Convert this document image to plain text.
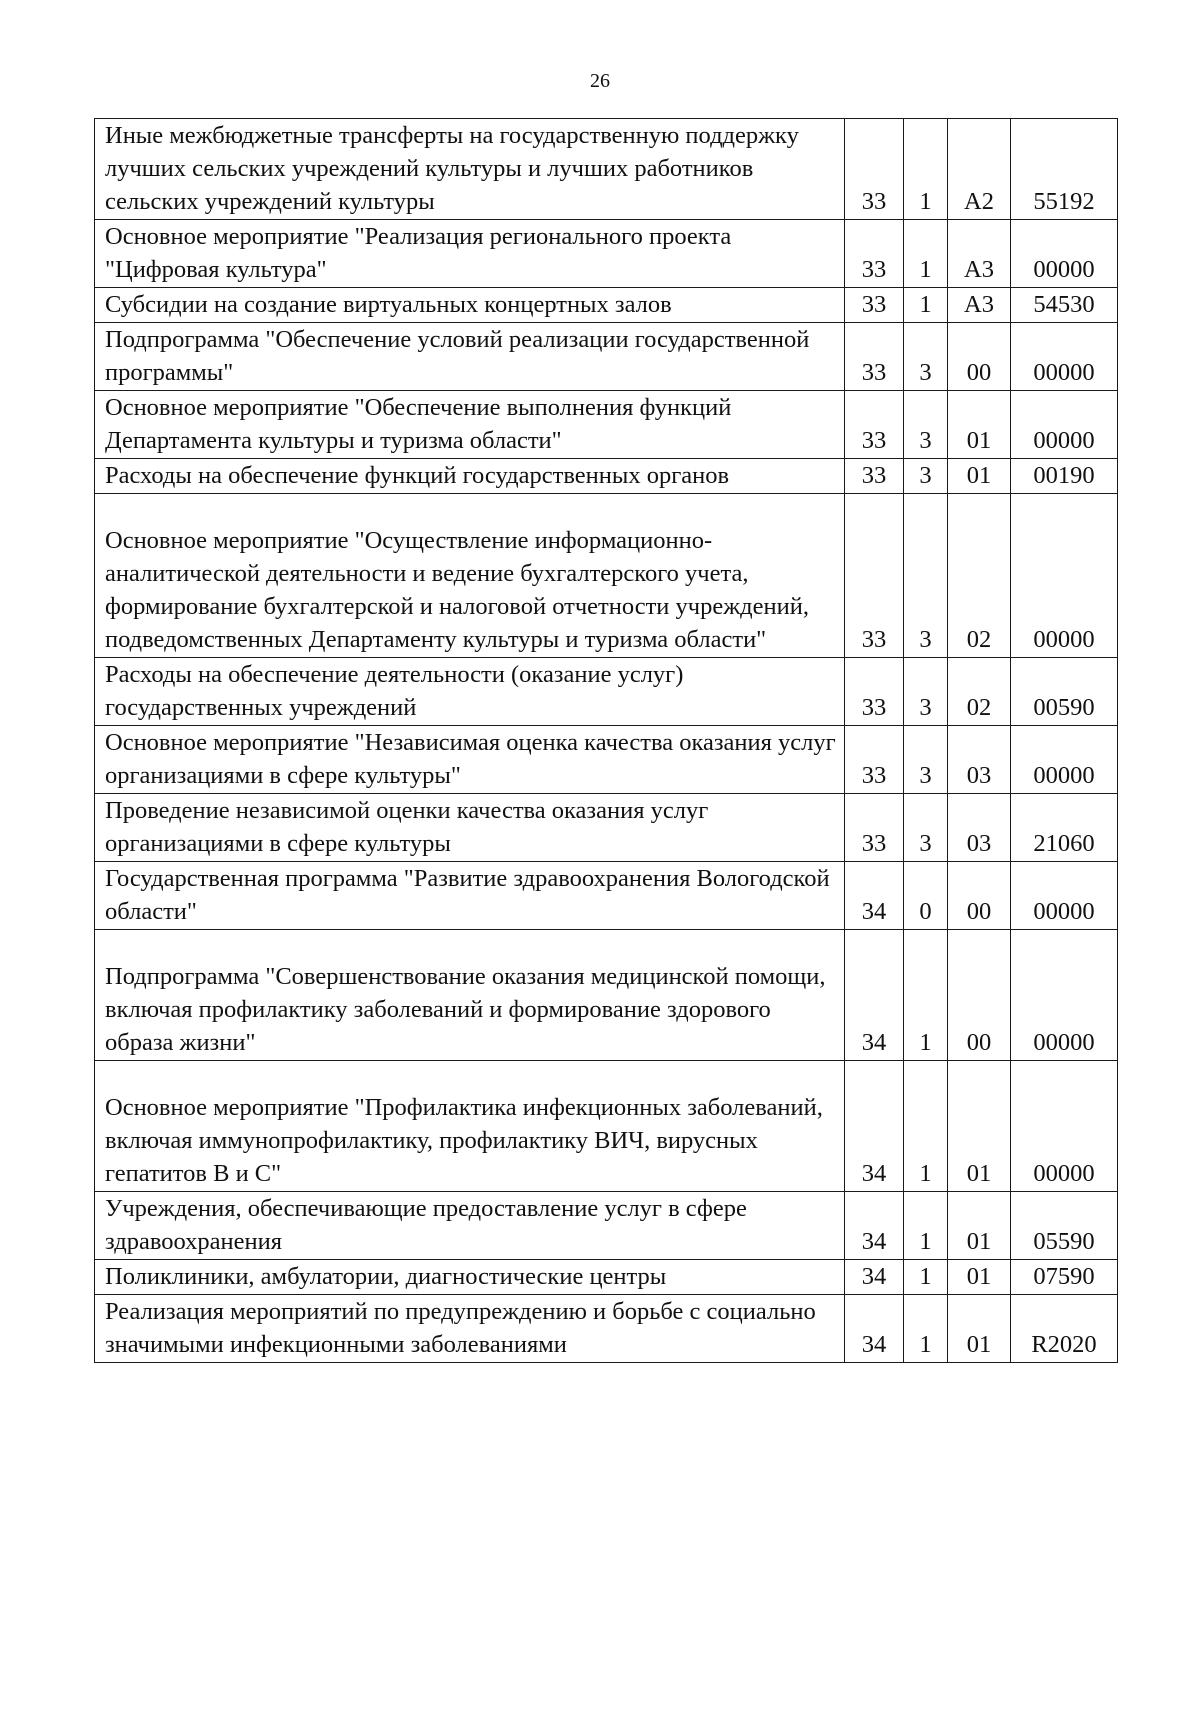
26
Иные межбюджетные трансферты на государственную поддержку лучших сельских учреждений культуры и лучших работников сельских учреждений культуры	33	1	А2	55192
Основное мероприятие "Реализация регионального проекта "Цифровая культура"	33	1	А3	00000
Субсидии на создание виртуальных концертных залов	33	1	А3	54530
Подпрограмма "Обеспечение условий реализации государственной программы"	33	3	00	00000
Основное мероприятие "Обеспечение выполнения функций Департамента культуры и туризма области"	33	3	01	00000
Расходы на обеспечение функций государственных органов	33	3	01	00190
Основное мероприятие "Осуществление информационно-аналитической деятельности и ведение бухгалтерского учета, формирование бухгалтерской и налоговой отчетности учреждений, подведомственных Департаменту культуры и туризма области"	33	3	02	00000
Расходы на обеспечение деятельности (оказание услуг) государственных учреждений	33	3	02	00590
Основное мероприятие "Независимая оценка качества оказания услуг организациями в сфере культуры"	33	3	03	00000
Проведение независимой оценки качества оказания услуг организациями в сфере культуры	33	3	03	21060
Государственная программа "Развитие здравоохранения Вологодской области"	34	0	00	00000
Подпрограмма "Совершенствование оказания медицинской помощи, включая профилактику заболеваний и формирование здорового образа жизни"	34	1	00	00000
Основное мероприятие "Профилактика инфекционных заболеваний, включая иммунопрофилактику, профилактику ВИЧ, вирусных гепатитов В и С"	34	1	01	00000
Учреждения, обеспечивающие предоставление услуг в сфере здравоохранения	34	1	01	05590
Поликлиники, амбулатории, диагностические центры	34	1	01	07590
Реализация мероприятий по предупреждению и борьбе с социально значимыми инфекционными заболеваниями	34	1	01	R2020
